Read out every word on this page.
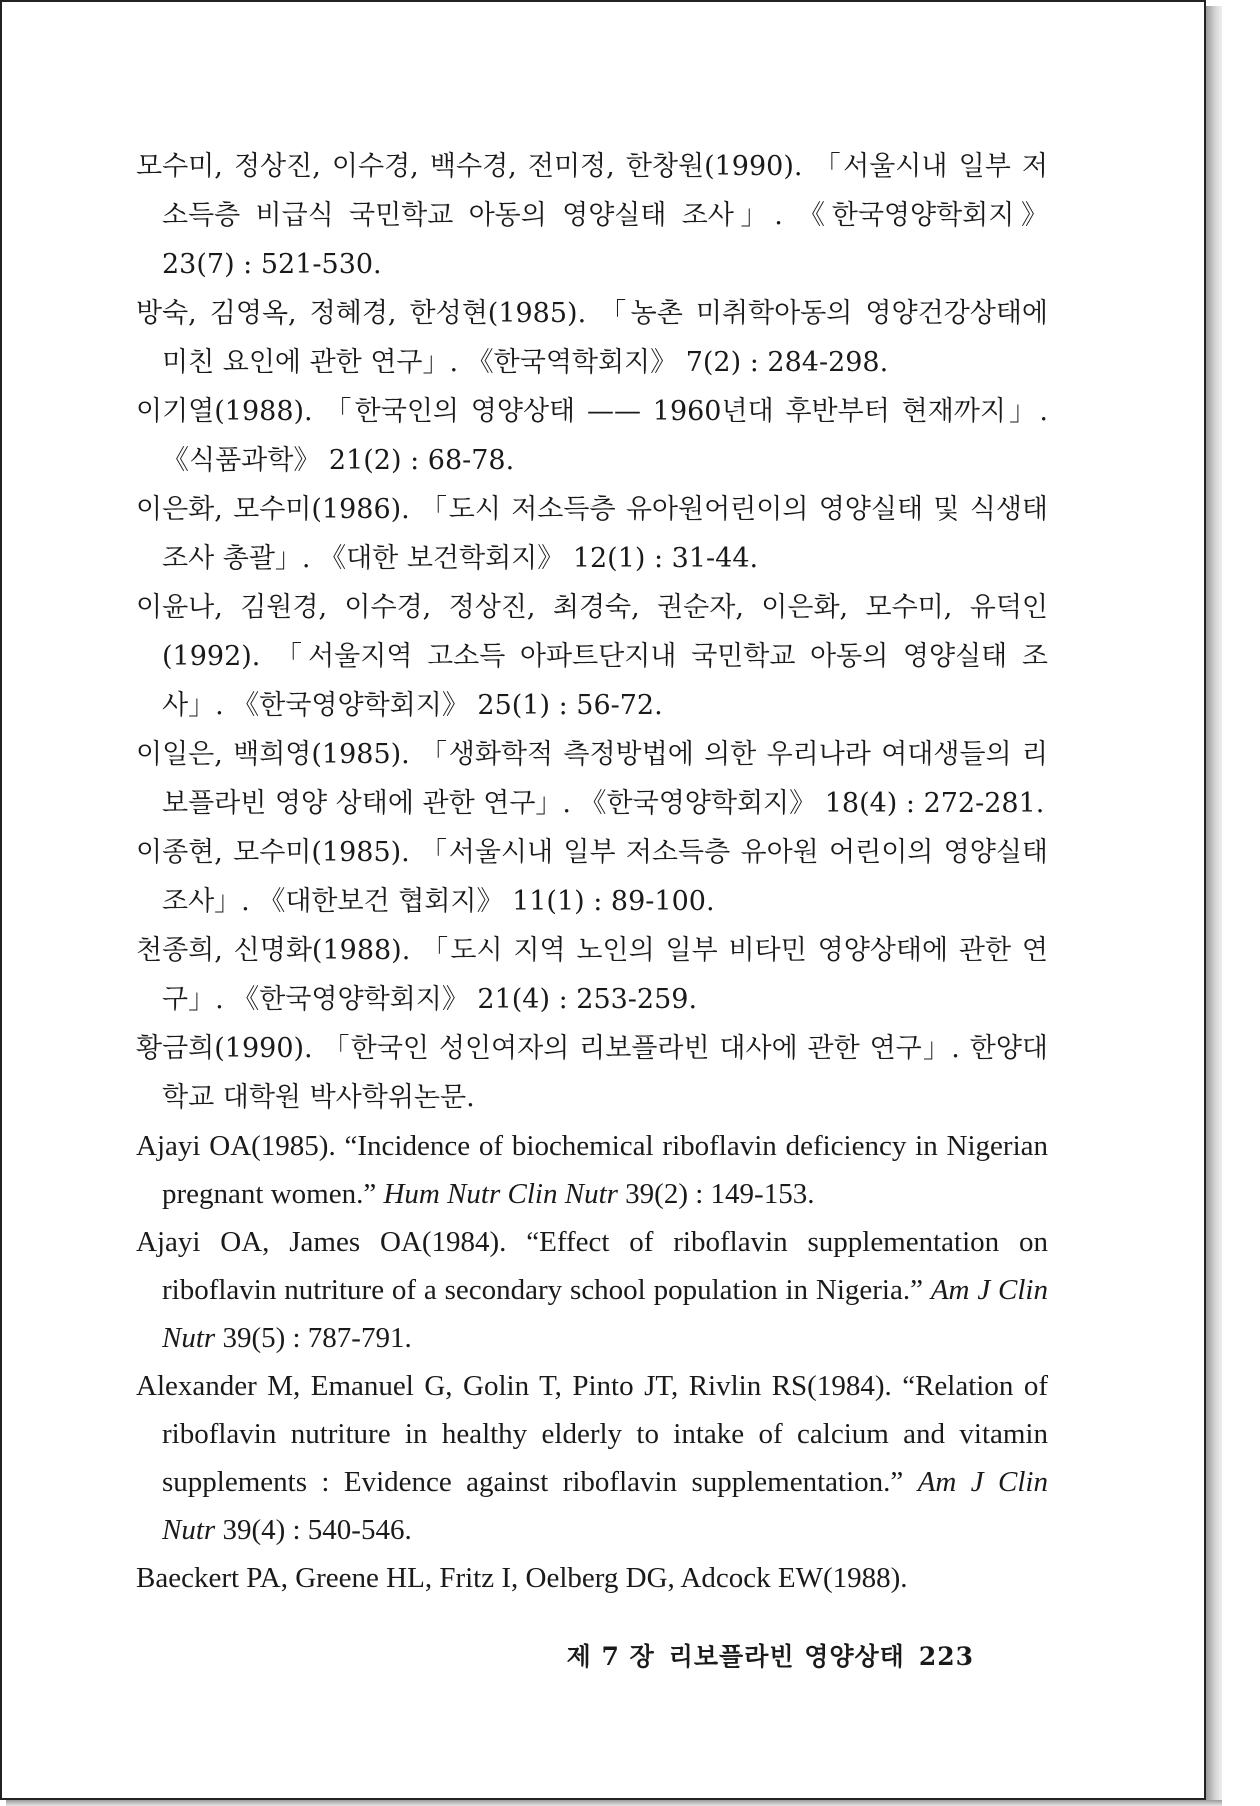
모수미, 정상진, 이수경, 백수경, 전미정, 한창원(1990). 「서울시내 일부 저소득층 비급식 국민학교 아동의 영양실태 조사」. 《한국영양학회지》 23(7) : 521-530.

방숙, 김영옥, 정혜경, 한성현(1985). 「농촌 미취학아동의 영양건강상태에 미친 요인에 관한 연구」. 《한국역학회지》 7(2) : 284-298.

이기열(1988). 「한국인의 영양상태 —— 1960년대 후반부터 현재까지」. 《식품과학》 21(2) : 68-78.

이은화, 모수미(1986). 「도시 저소득층 유아원어린이의 영양실태 및 식생태 조사 총괄」. 《대한 보건학회지》 12(1) : 31-44.

이윤나, 김원경, 이수경, 정상진, 최경숙, 권순자, 이은화, 모수미, 유덕인(1992). 「서울지역 고소득 아파트단지내 국민학교 아동의 영양실태 조사」. 《한국영양학회지》 25(1) : 56-72.

이일은, 백희영(1985). 「생화학적 측정방법에 의한 우리나라 여대생들의 리보플라빈 영양 상태에 관한 연구」. 《한국영양학회지》 18(4) : 272-281.

이종현, 모수미(1985). 「서울시내 일부 저소득층 유아원 어린이의 영양실태 조사」. 《대한보건 협회지》 11(1) : 89-100.

천종희, 신명화(1988). 「도시 지역 노인의 일부 비타민 영양상태에 관한 연구」. 《한국영양학회지》 21(4) : 253-259.

황금희(1990). 「한국인 성인여자의 리보플라빈 대사에 관한 연구」. 한양대학교 대학원 박사학위논문.

Ajayi OA(1985). “Incidence of biochemical riboflavin deficiency in Nigerian pregnant women.” Hum Nutr Clin Nutr 39(2) : 149-153.

Ajayi OA, James OA(1984). “Effect of riboflavin supplementation on riboflavin nutriture of a secondary school population in Nigeria.” Am J Clin Nutr 39(5) : 787-791.

Alexander M, Emanuel G, Golin T, Pinto JT, Rivlin RS(1984). “Relation of riboflavin nutriture in healthy elderly to intake of calcium and vitamin supplements : Evidence against riboflavin supplementation.” Am J Clin Nutr 39(4) : 540-546.

Baeckert PA, Greene HL, Fritz I, Oelberg DG, Adcock EW(1988).

제 7 장 리보플라빈 영양상태 223
